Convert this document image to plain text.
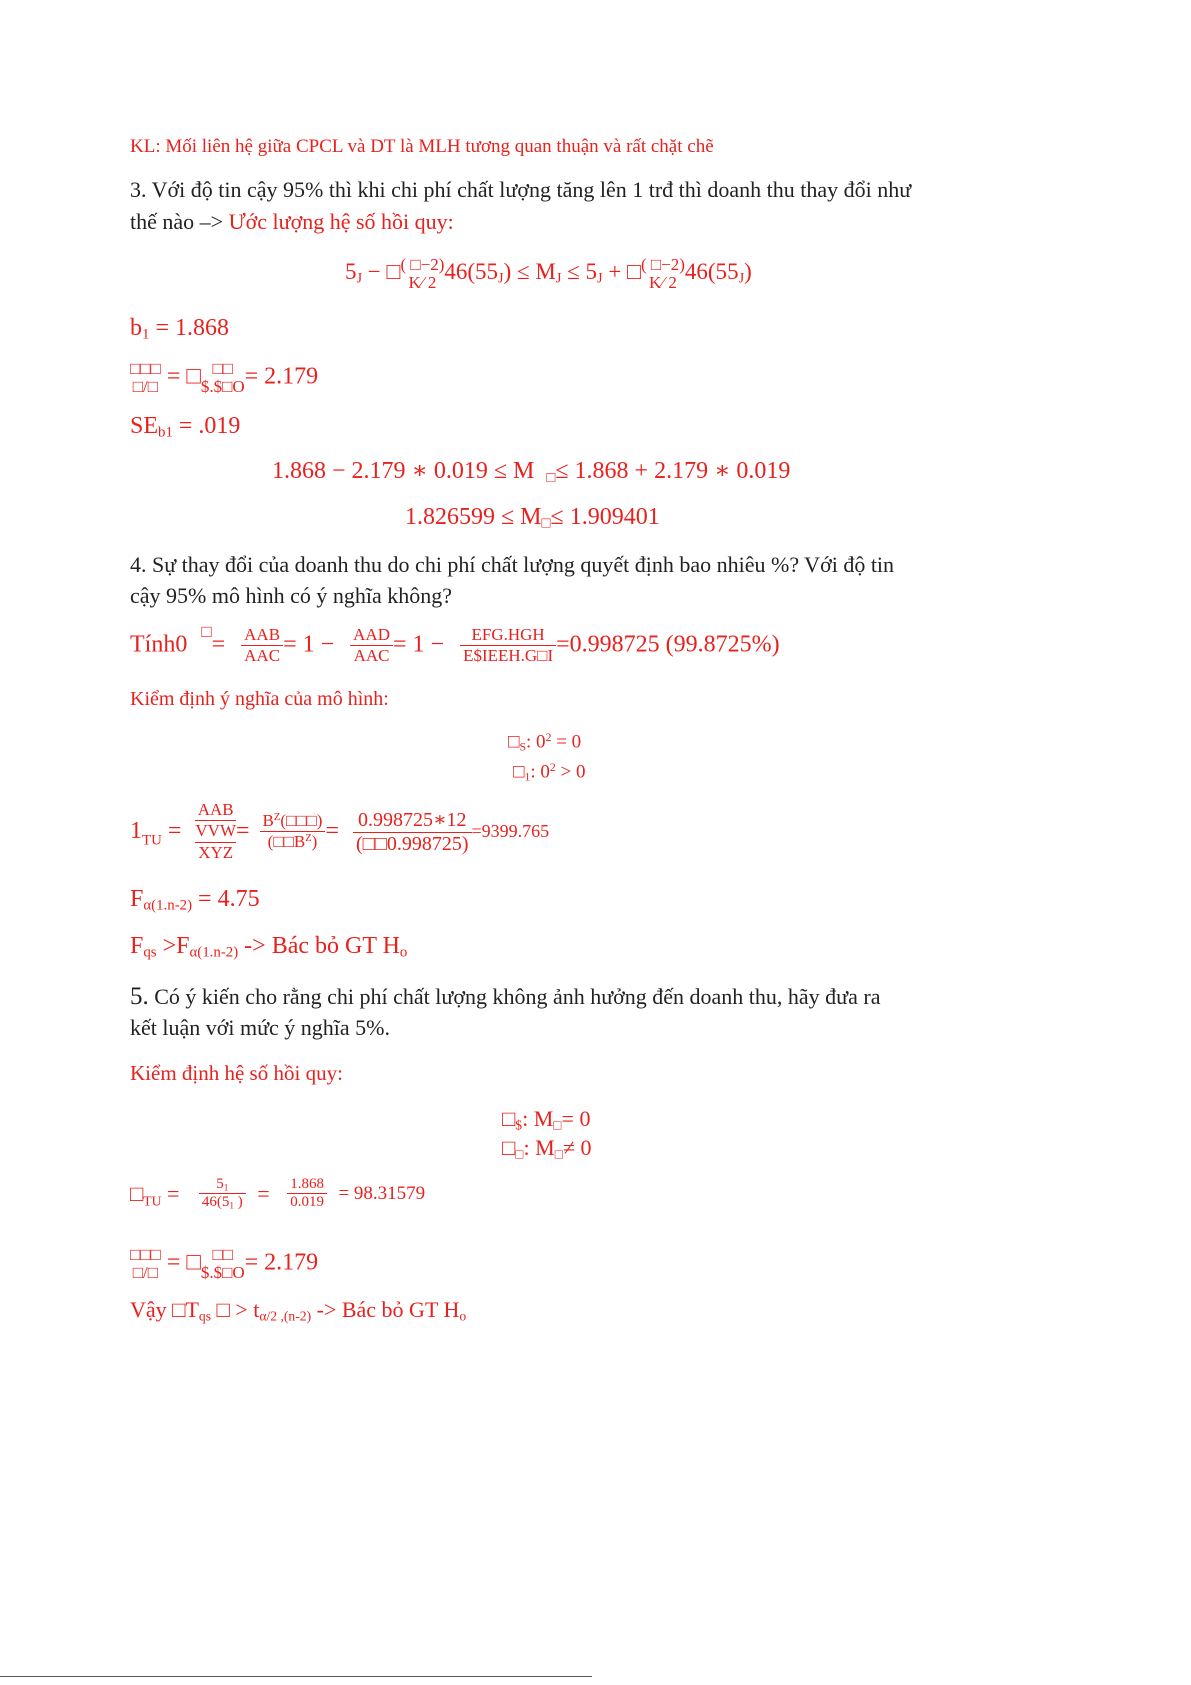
KL: Mối liên hệ giữa CPCL và DT là MLH tương quan thuận và rất chặt chẽ
3. Với độ tin cậy 95% thì khi chi phí chất lượng tăng lên 1 trđ thì doanh thu thay đổi như
thế nào –> Ước lượng hệ số hồi quy:
$5_J$ − □ ( □−2)
K⁄ 2 $46(55_J) \le M_J \le 5_J$ + □ ( □−2)
K⁄ 2 $46(55_J)$
$b_1 = 1.868$
□□□
□/□ = □ □□
$.$□O = 2.179
$SE_{b1} = .019$
1.868 − 2.179 ∗ 0.019 ≤ M $_□$≤ 1.868 + 2.179 ∗ 0.019
$1.826599 \le M_□\le 1.909401$
4. Sự thay đổi của doanh thu do chi phí chất lượng quyết định bao nhiêu %? Với độ tin
cậy 95% mô hình có ý nghĩa không?
Tính0□= $\frac{\text{AAB}}{\text{AAC}} = 1 - \frac{\text{AAD}}{\text{AAC}} = 1 - \frac{\text{EFG.HGH}}{\text{E\$IEEH.G□I}} =0.998725$ (99.8725%)
Kiểm định ý nghĩa của mô hình:
$□_S$: $0^2 = 0$
$□_1$: $0^2 > 0$
$1_{TU}$ =
AAB
VVW
XYZ
= $\frac{B^Z(□□□)}{(□□B^Z)} = \frac{0.998725∗12}{(□□0.998725)} =9399.765$
$F_{\alpha(1.n-2)} = 4.75$
$F_{qs} >F_{\alpha(1.n-2)}$ -> Bác bỏ GT $H_o$
5. Có ý kiến cho rằng chi phí chất lượng không ảnh hưởng đến doanh thu, hãy đưa ra
kết luận với mức ý nghĩa 5%.
Kiểm định hệ số hồi quy:
$□_{\$}$: $M_□= 0$
$□_□$: $M_□\ne 0$
$□_{TU} = \frac{5_1}{46(5_1 )} = \frac{1.868}{0.019} = 98.31579$
□□□
□/□ = □ □□
$.$□O = 2.179
Vậy $□T_{qs}$ □ > $t_{\alpha/2 ,(n-2)}$ -> Bác bỏ GT $H_o$
